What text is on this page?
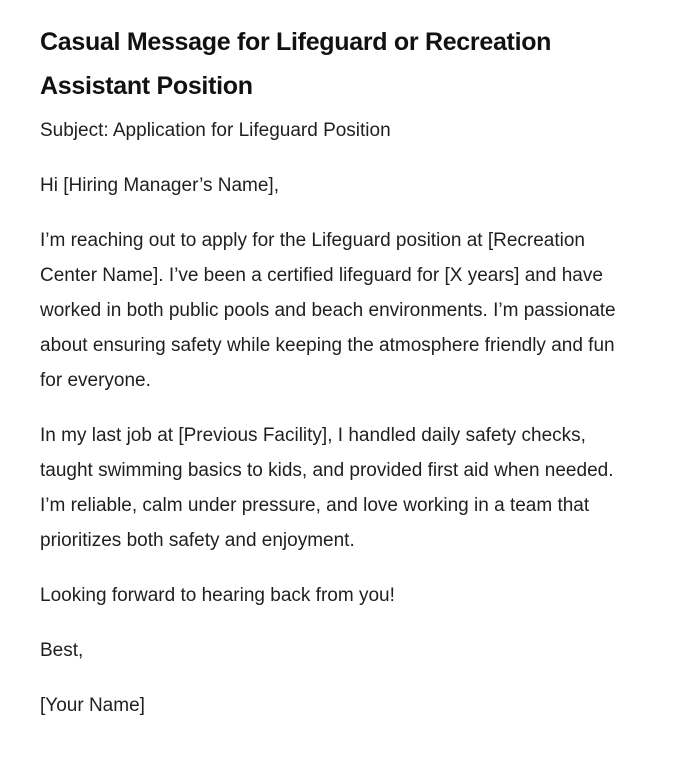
Casual Message for Lifeguard or Recreation Assistant Position

Subject: Application for Lifeguard Position

Hi [Hiring Manager’s Name],

I’m reaching out to apply for the Lifeguard position at [Recreation Center Name]. I’ve been a certified lifeguard for [X years] and have worked in both public pools and beach environments. I’m passionate about ensuring safety while keeping the atmosphere friendly and fun for everyone.

In my last job at [Previous Facility], I handled daily safety checks, taught swimming basics to kids, and provided first aid when needed. I’m reliable, calm under pressure, and love working in a team that prioritizes both safety and enjoyment.

Looking forward to hearing back from you!

Best,

[Your Name]
